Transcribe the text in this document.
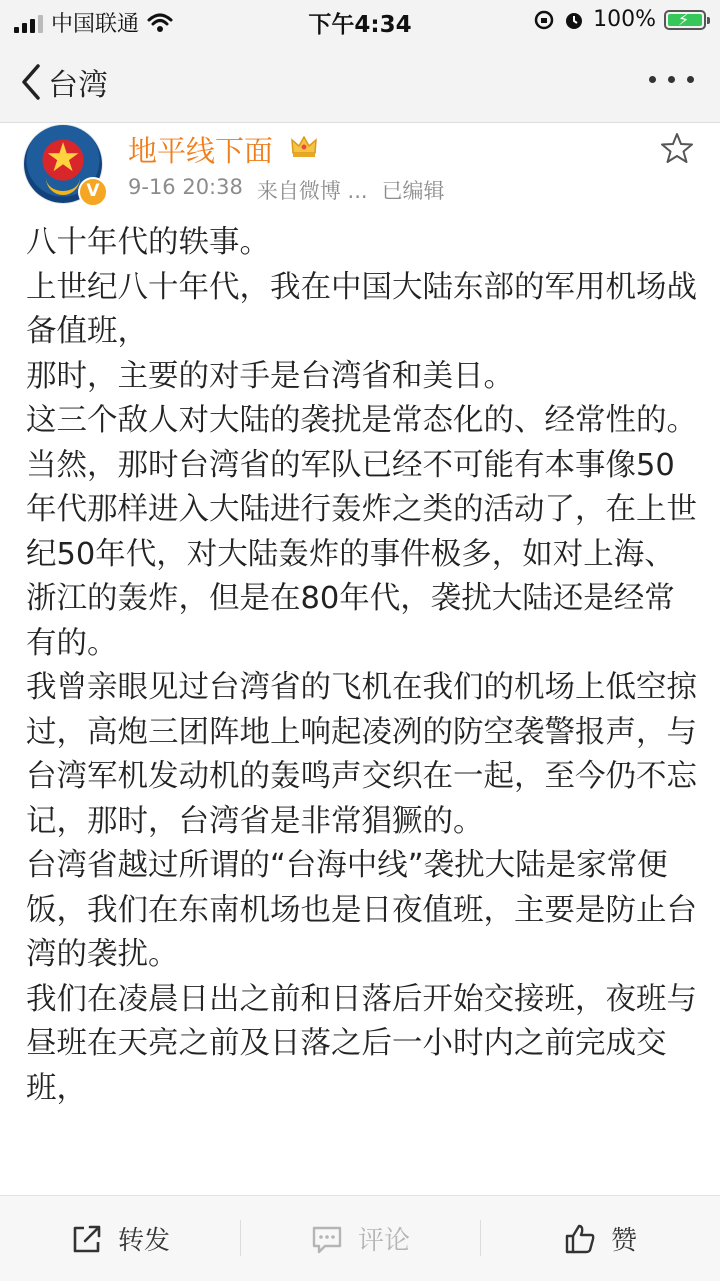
中国联通	下午4:34	100% ⚡
台湾
★
V
地平线下面
9-16 20:38 来自微博 ... 已编辑

八十年代的轶事。

上世纪八十年代，我在中国大陆东部的军用机场战备值班，

那时，主要的对手是台湾省和美日。

这三个敌人对大陆的袭扰是常态化的、经常性的。

当然，那时台湾省的军队已经不可能有本事像50年代那样进入大陆进行轰炸之类的活动了，在上世纪50年代，对大陆轰炸的事件极多，如对上海、浙江的轰炸，但是在80年代，袭扰大陆还是经常有的。

我曾亲眼见过台湾省的飞机在我们的机场上低空掠过，高炮三团阵地上响起凌冽的防空袭警报声，与台湾军机发动机的轰鸣声交织在一起，至今仍不忘记，那时，台湾省是非常猖獗的。

台湾省越过所谓的“台海中线”袭扰大陆是家常便饭，我们在东南机场也是日夜值班，主要是防止台湾的袭扰。

我们在凌晨日出之前和日落后开始交接班，夜班与昼班在天亮之前及日落之后一小时内之前完成交班，

转发	评论	赞
